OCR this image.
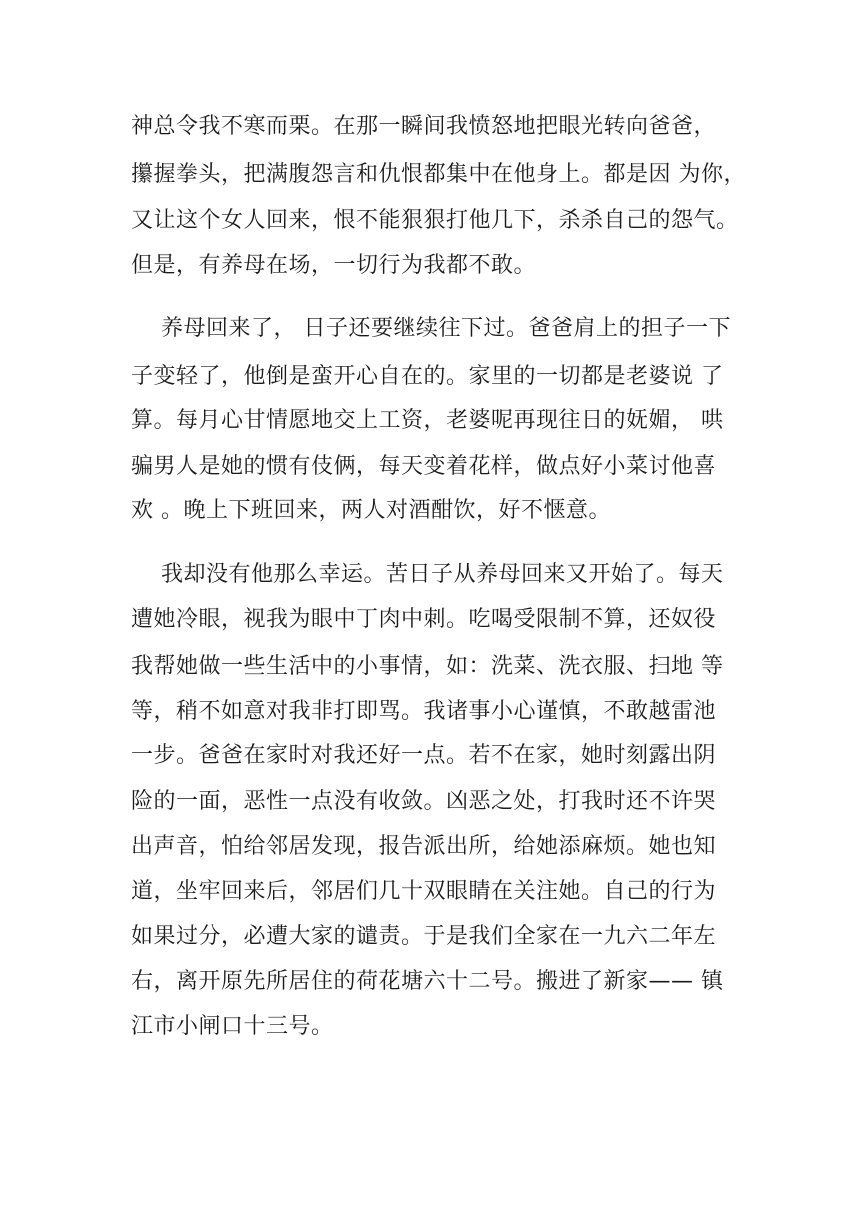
神总令我不寒而栗。在那一瞬间我愤怒地把眼光转向爸爸，
攥握拳头，把满腹怨言和仇恨都集中在他身上。都是因 为你，
又让这个女人回来，恨不能狠狠打他几下，杀杀自己的怨气。
但是，有养母在场，一切行为我都不敢。
养母回来了， 日子还要继续往下过。爸爸肩上的担子一下
子变轻了，他倒是蛮开心自在的。家里的一切都是老婆说 了
算。每月心甘情愿地交上工资，老婆呢再现往日的妩媚， 哄
骗男人是她的惯有伎俩，每天变着花样，做点好小菜讨他喜
欢 。晚上下班回来，两人对酒酣饮，好不惬意。
我却没有他那么幸运。苦日子从养母回来又开始了。每天
遭她冷眼，视我为眼中丁肉中刺。吃喝受限制不算，还奴役
我帮她做一些生活中的小事情，如：洗菜、洗衣服、扫地 等
等，稍不如意对我非打即骂。我诸事小心谨慎，不敢越雷池
一步。爸爸在家时对我还好一点。若不在家，她时刻露出阴
险的一面，恶性一点没有收敛。凶恶之处，打我时还不许哭
出声音，怕给邻居发现，报告派出所，给她添麻烦。她也知
道，坐牢回来后，邻居们几十双眼睛在关注她。自己的行为
如果过分，必遭大家的谴责。于是我们全家在一九六二年左
右，离开原先所居住的荷花塘六十二号。搬进了新家—— 镇
江市小闸口十三号。
